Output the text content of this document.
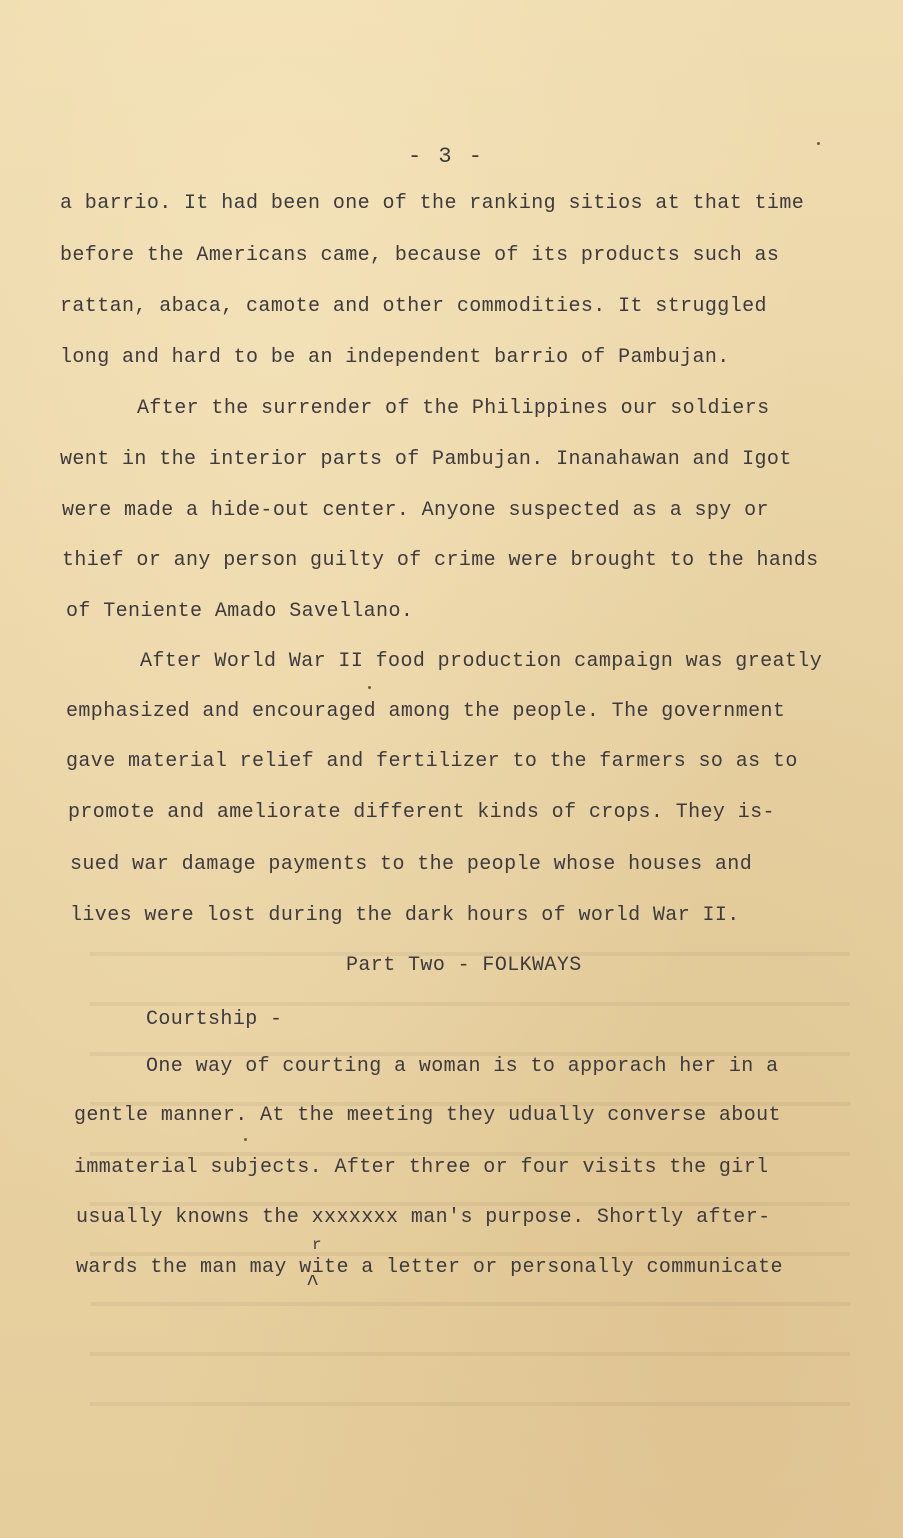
- 3 -
a barrio. It had been one of the ranking sitios at that time
before the Americans came, because of its products such as
rattan, abaca, camote and other commodities. It struggled
long and hard to be an independent barrio of Pambujan.
After the surrender of the Philippines our soldiers
went in the interior parts of Pambujan. Inanahawan and Igot
were made a hide-out center. Anyone suspected as a spy or
thief or any person guilty of crime were brought to the hands
of Teniente Amado Savellano.
After World War II food production campaign was greatly
emphasized and encouraged among the people. The government
gave material relief and fertilizer to the farmers so as to
promote and ameliorate different kinds of crops. They is-
sued war damage payments to the people whose houses and
lives were lost during the dark hours of world War II.
Part Two - FOLKWAYS
Courtship -
One way of courting a woman is to apporach her in a
gentle manner. At the meeting they udually converse about
immaterial subjects. After three or four visits the girl
usually knowns the xxxxxxx man's purpose. Shortly after-
wards the man may wite a letter or personally communicate
r
^
